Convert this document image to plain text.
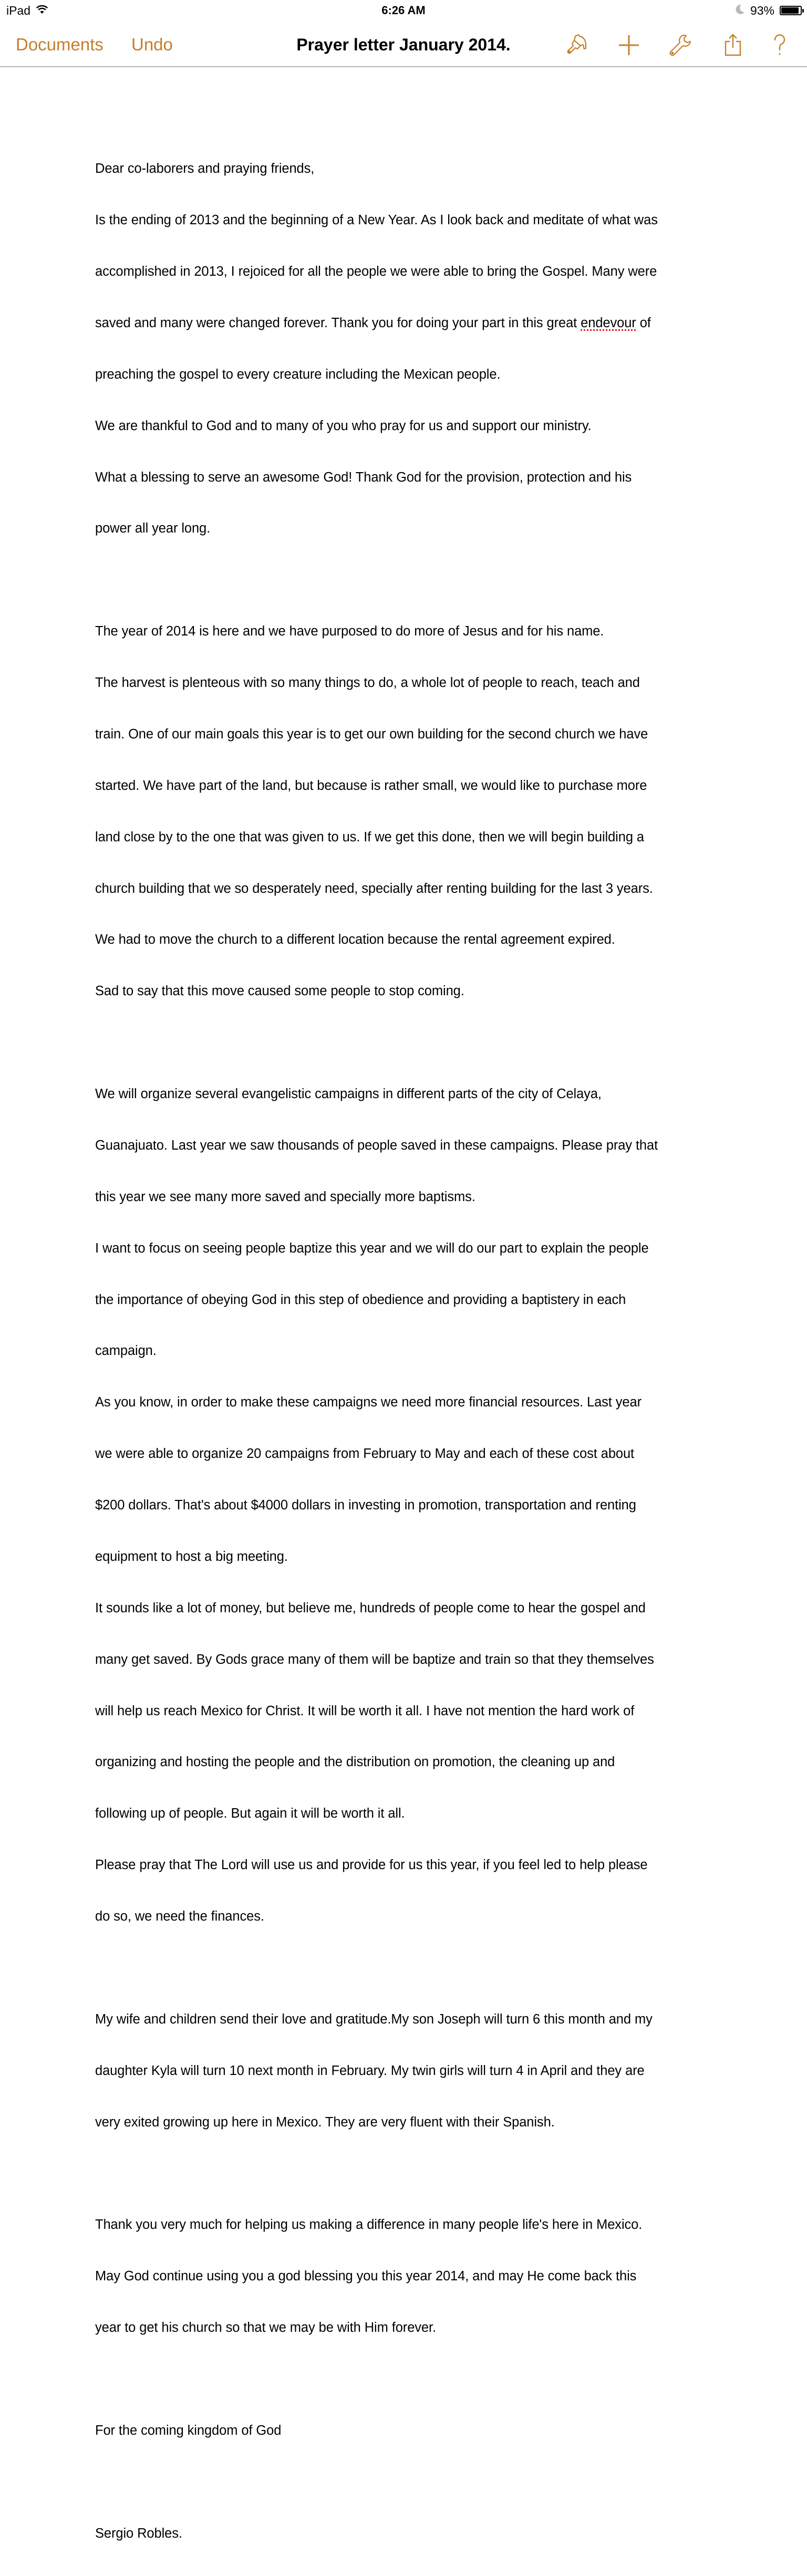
iPad	6:26 AM	93%
Documents Undo	Prayer letter January 2014.

Dear co-laborers and praying friends,

Is the ending of 2013 and the beginning of a New Year. As I look back and meditate of what was

accomplished in 2013, I rejoiced for all the people we were able to bring the Gospel. Many were

saved and many were changed forever. Thank you for doing your part in this great endevour of

preaching the gospel to every creature including the Mexican people.

We are thankful to God and to many of you who pray for us and support our ministry.

What a blessing to serve an awesome God! Thank God for the provision, protection and his

power all year long.

The year of 2014 is here and we have purposed to do more of Jesus and for his name.

The harvest is plenteous with so many things to do, a whole lot of people to reach, teach and

train. One of our main goals this year is to get our own building for the second church we have

started. We have part of the land, but because is rather small, we would like to purchase more

land close by to the one that was given to us. If we get this done, then we will begin building a

church building that we so desperately need, specially after renting building for the last 3 years.

We had to move the church to a different location because the rental agreement expired.

Sad to say that this move caused some people to stop coming.

We will organize several evangelistic campaigns in different parts of the city of Celaya,

Guanajuato. Last year we saw thousands of people saved in these campaigns. Please pray that

this year we see many more saved and specially more baptisms.

I want to focus on seeing people baptize this year and we will do our part to explain the people

the importance of obeying God in this step of obedience and providing a baptistery in each

campaign.

As you know, in order to make these campaigns we need more financial resources. Last year

we were able to organize 20 campaigns from February to May and each of these cost about

$200 dollars. That's about $4000 dollars in investing in promotion, transportation and renting

equipment to host a big meeting.

It sounds like a lot of money, but believe me, hundreds of people come to hear the gospel and

many get saved. By Gods grace many of them will be baptize and train so that they themselves

will help us reach Mexico for Christ. It will be worth it all. I have not mention the hard work of

organizing and hosting the people and the distribution on promotion, the cleaning up and

following up of people. But again it will be worth it all.

Please pray that The Lord will use us and provide for us this year, if you feel led to help please

do so, we need the finances.

My wife and children send their love and gratitude.My son Joseph will turn 6 this month and my

daughter Kyla will turn 10 next month in February. My twin girls will turn 4 in April and they are

very exited growing up here in Mexico. They are very fluent with their Spanish.

Thank you very much for helping us making a difference in many people life's here in Mexico.

May God continue using you a god blessing you this year 2014, and may He come back this

year to get his church so that we may be with Him forever.

For the coming kingdom of God

Sergio Robles.
